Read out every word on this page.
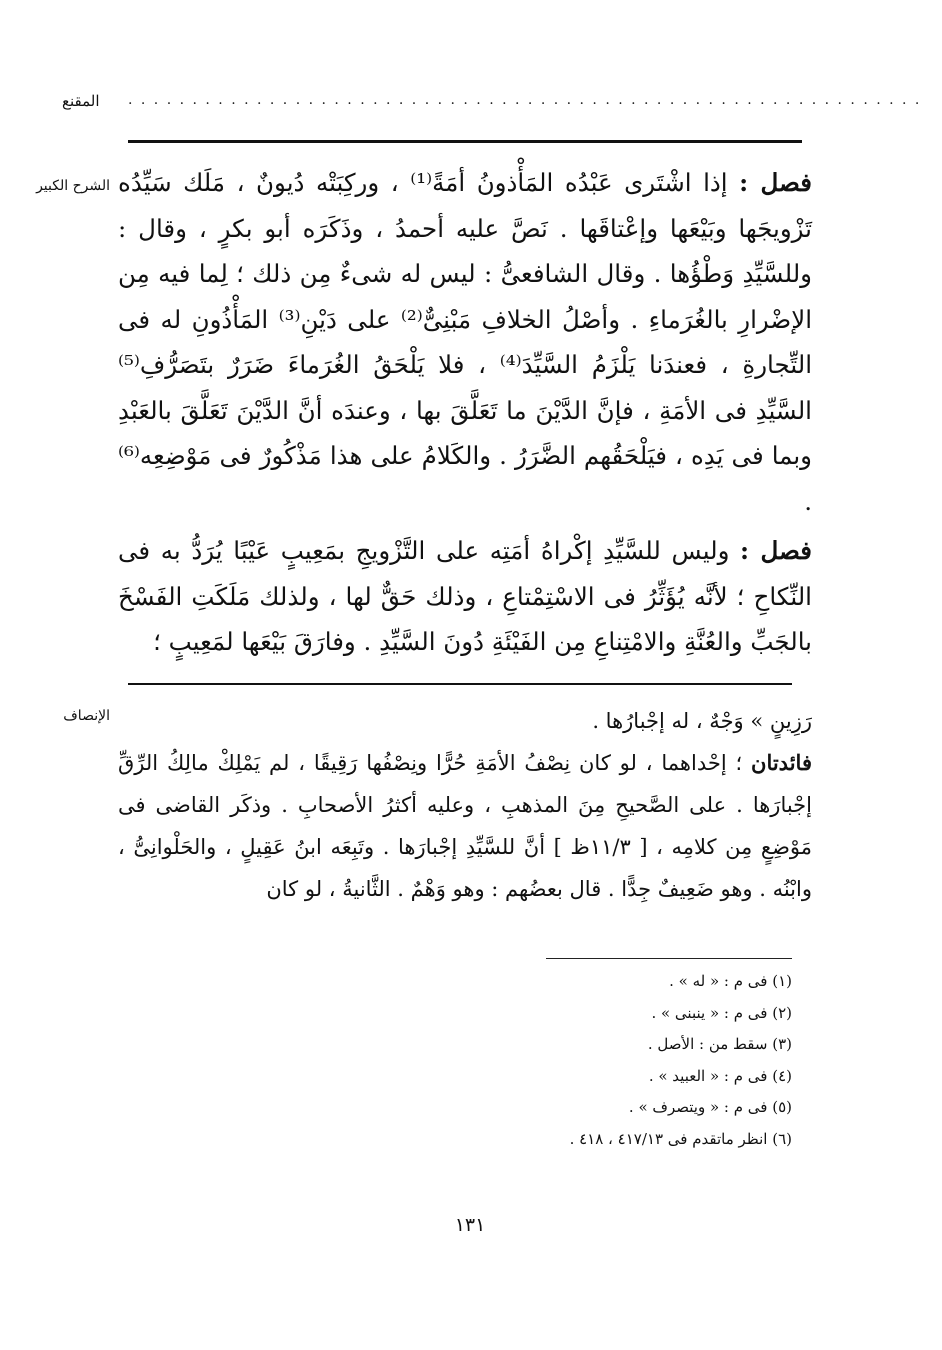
المقنع . . . . . . . . . . . . . . . . . . . . . . . . . . . . . . . . . . . . . . . . . . . . . . . . . . . . . . . . . . . . . .
الشرح الكبير
الإنصاف

فصل : إذا اشْتَرى عَبْدُه المَأْذونُ أمَةً⁽¹⁾ ، وركِبَتْه دُيونٌ ، مَلَك سَيِّدُه تَزْويجَها وبَيْعَها وإعْتاقَها . نَصَّ عليه أحمدُ ، وذَكَرَه أبو بكرٍ ، وقال : وللسَّيِّدِ وَطْؤُها . وقال الشافعىُّ : ليس له شىءٌ مِن ذلك ؛ لِما فيه مِن الإضْرارِ بالغُرَماءِ . وأصْلُ الخلافِ مَبْنِىٌّ⁽²⁾ على دَيْنِ⁽³⁾ المَأْذُونِ له فى التِّجارةِ ، فعندَنا يَلْزَمُ السَّيِّدَ⁽⁴⁾ ، فلا يَلْحَقُ الغُرَماءَ ضَرَرٌ بتَصَرُّفِ⁽⁵⁾ السَّيِّدِ فى الأمَةِ ، فإنَّ الدَّيْنَ ما تَعَلَّقَ بها ، وعندَه أنَّ الدَّيْنَ تَعَلَّقَ بالعَبْدِ وبما فى يَدِه ، فيَلْحَقُهم الضَّرَرُ . والكَلامُ على هذا مَذْكُورٌ فى مَوْضِعِه⁽⁶⁾ .

فصل : وليس للسَّيِّدِ إكْراهُ أمَتِه على التَّزْويجِ بمَعِيبٍ عَيْبًا يُرَدُّ به فى النِّكاحِ ؛ لأنَّه يُؤَثِّرُ فى الاسْتِمْتاعِ ، وذلك حَقٌّ لها ، ولذلك مَلَكَتِ الفَسْخَ بالجَبِّ والعُنَّةِ والامْتِناعِ مِن الفَيْئَةِ دُونَ السَّيِّدِ . وفارَقَ بَيْعَها لمَعِيبٍ ؛

رَزِينٍ » وَجْهٌ ، له إجْبارُها .

فائدتان ؛ إحْداهما ، لو كان نِصْفُ الأمَةِ حُرًّا ونِصْفُها رَقِيقًا ، لم يَمْلِكْ مالِكُ الرِّقِّ إجْبارَها . على الصَّحيحِ مِنَ المذهبِ ، وعليه أكثرُ الأصحابِ . وذكَر القاضى فى مَوْضِعٍ مِن كلامِه ، [ ١١/٣ظ ] أنَّ للسَّيِّدِ إجْبارَها . وتَبِعَه ابنُ عَقِيلٍ ، والحَلْوانِىُّ ، وابْنُه . وهو ضَعِيفٌ جِدًّا . قال بعضُهم : وهو وَهْمٌ . الثَّانيةُ ، لو كان

(١) فى م : « له » .
(٢) فى م : « ينبنى » .
(٣) سقط من : الأصل .
(٤) فى م : « العبيد » .
(٥) فى م : « ويتصرف » .
(٦) انظر ماتقدم فى ٤١٧/١٣ ، ٤١٨ .
١٣١
